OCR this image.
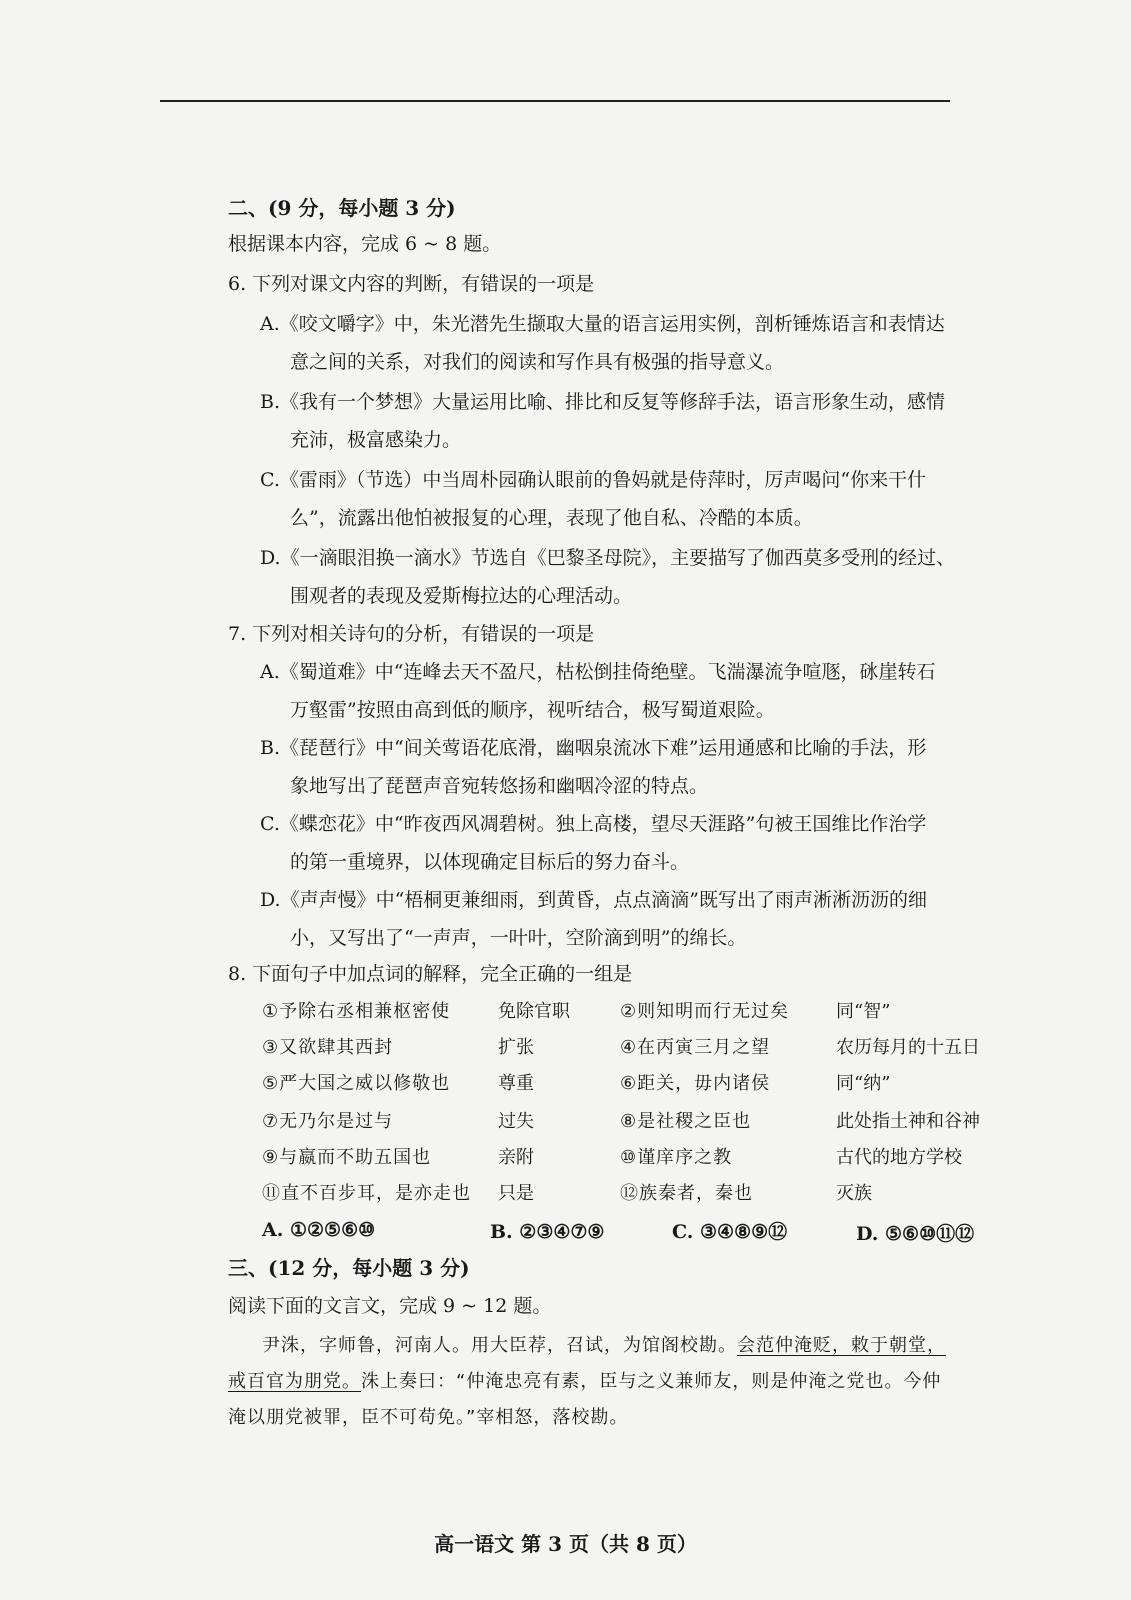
二、(9 分，每小题 3 分)
根据课本内容，完成 6 ~ 8 题。
6. 下列对课文内容的判断，有错误的一项是
A.《咬文嚼字》中，朱光潜先生撷取大量的语言运用实例，剖析锤炼语言和表情达
意之间的关系，对我们的阅读和写作具有极强的指导意义。
B.《我有一个梦想》大量运用比喻、排比和反复等修辞手法，语言形象生动，感情
充沛，极富感染力。
C.《雷雨》（节选）中当周朴园确认眼前的鲁妈就是侍萍时，厉声喝问“你来干什
么”，流露出他怕被报复的心理，表现了他自私、冷酷的本质。
D.《一滴眼泪换一滴水》节选自《巴黎圣母院》，主要描写了伽西莫多受刑的经过、
围观者的表现及爱斯梅拉达的心理活动。
7. 下列对相关诗句的分析，有错误的一项是
A.《蜀道难》中“连峰去天不盈尺，枯松倒挂倚绝壁。飞湍瀑流争喧豗，砯崖转石
万壑雷”按照由高到低的顺序，视听结合，极写蜀道艰险。
B.《琵琶行》中“间关莺语花底滑，幽咽泉流冰下难”运用通感和比喻的手法，形
象地写出了琵琶声音宛转悠扬和幽咽冷涩的特点。
C.《蝶恋花》中“昨夜西风凋碧树。独上高楼，望尽天涯路”句被王国维比作治学
的第一重境界，以体现确定目标后的努力奋斗。
D.《声声慢》中“梧桐更兼细雨，到黄昏，点点滴滴”既写出了雨声淅淅沥沥的细
小，又写出了“一声声，一叶叶，空阶滴到明”的绵长。
8. 下面句子中加点词的解释，完全正确的一组是
①予除右丞相兼枢密使	免除官职	②则知明而行无过矣	同“智”
③又欲肆其西封	扩张	④在丙寅三月之望	农历每月的十五日
⑤严大国之威以修敬也	尊重	⑥距关，毋内诸侯	同“纳”
⑦无乃尔是过与	过失	⑧是社稷之臣也	此处指土神和谷神
⑨与嬴而不助五国也	亲附	⑩谨庠序之教	古代的地方学校
⑪直不百步耳，是亦走也 只是	⑫族秦者，秦也	灭族
A. ①②⑤⑥⑩	B. ②③④⑦⑨	C. ③④⑧⑨⑫	D. ⑤⑥⑩⑪⑫
三、(12 分，每小题 3 分)
阅读下面的文言文，完成 9 ~ 12 题。
尹洙，字师鲁，河南人。用大臣荐，召试，为馆阁校勘。会范仲淹贬，敕于朝堂，
戒百官为朋党。洙上奏曰：“仲淹忠亮有素，臣与之义兼师友，则是仲淹之党也。今仲
淹以朋党被罪，臣不可苟免。”宰相怒，落校勘。
高一语文 第 3 页（共 8 页）
